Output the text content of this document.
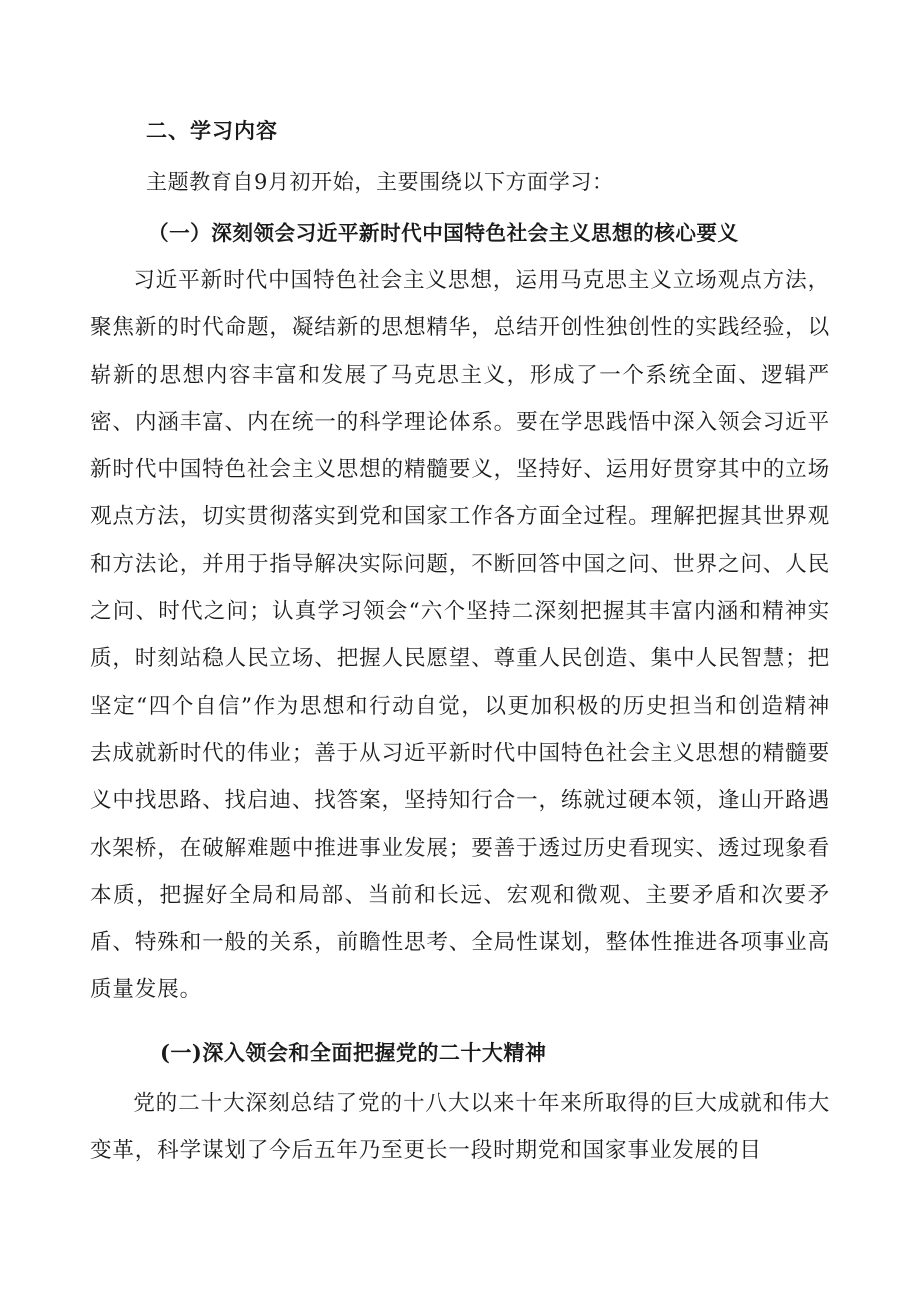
二、学习内容
主题教育自9月初开始，主要围绕以下方面学习：
（一）深刻领会习近平新时代中国特色社会主义思想的核心要义

习近平新时代中国特色社会主义思想，运用马克思主义立场观点方法，聚焦新的时代命题，凝结新的思想精华，总结开创性独创性的实践经验，以崭新的思想内容丰富和发展了马克思主义，形成了一个系统全面、逻辑严密、内涵丰富、内在统一的科学理论体系。要在学思践悟中深入领会习近平新时代中国特色社会主义思想的精髓要义，坚持好、运用好贯穿其中的立场观点方法，切实贯彻落实到党和国家工作各方面全过程。理解把握其世界观和方法论，并用于指导解决实际问题，不断回答中国之问、世界之问、人民之问、时代之问；认真学习领会“六个坚持二深刻把握其丰富内涵和精神实质，时刻站稳人民立场、把握人民愿望、尊重人民创造、集中人民智慧；把坚定“四个自信”作为思想和行动自觉，以更加积极的历史担当和创造精神去成就新时代的伟业；善于从习近平新时代中国特色社会主义思想的精髓要义中找思路、找启迪、找答案，坚持知行合一，练就过硬本领，逢山开路遇水架桥，在破解难题中推进事业发展；要善于透过历史看现实、透过现象看本质，把握好全局和局部、当前和长远、宏观和微观、主要矛盾和次要矛盾、特殊和一般的关系，前瞻性思考、全局性谋划，整体性推进各项事业高质量发展。

(一)深入领会和全面把握党的二十大精神

党的二十大深刻总结了党的十八大以来十年来所取得的巨大成就和伟大变革，科学谋划了今后五年乃至更长一段时期党和国家事业发展的目
